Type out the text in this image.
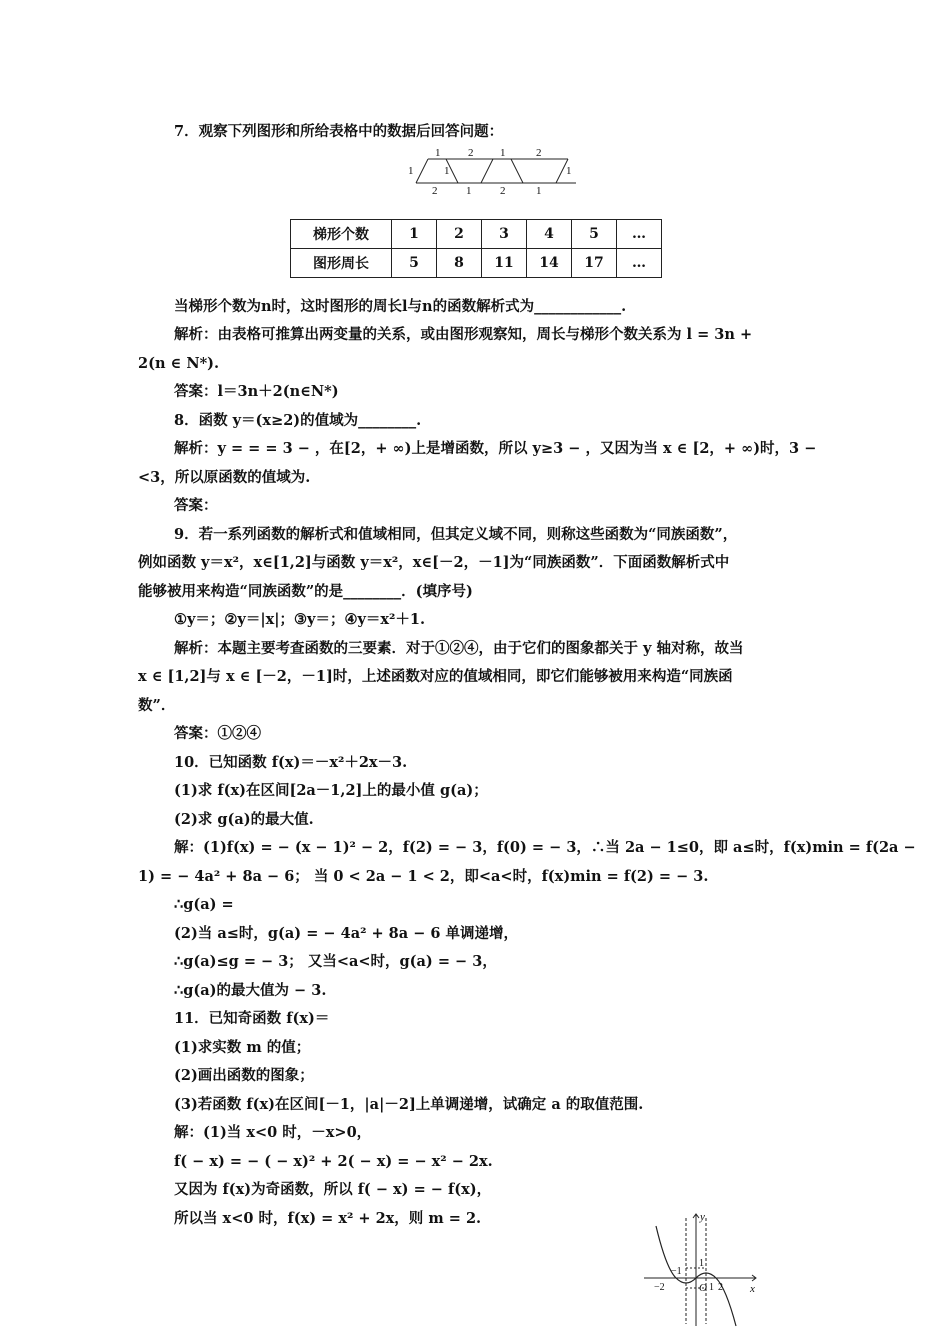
7．观察下列图形和所给表格中的数据后回答问题：
1	2 1	2
2	1	2	1
1	1	1
梯形个数	1	2	3	4	5	…
图形周长	5	8	11	14	17	…
当梯形个数为n时，这时图形的周长l与n的函数解析式为____________.
解析：由表格可推算出两变量的关系，或由图形观察知，周长与梯形个数关系为 l = 3n +
2(n ∈ N*).
答案：l＝3n＋2(n∈N*)
8．函数 y＝(x≥2)的值域为________.
解析：y = = = 3 − ，在[2，+ ∞)上是增函数，所以 y≥3 − ，又因为当 x ∈ [2，+ ∞)时，3 −
<3，所以原函数的值域为.
答案：
9．若一系列函数的解析式和值域相同，但其定义域不同，则称这些函数为“同族函数”，
例如函数 y＝x²，x∈[1,2]与函数 y＝x²，x∈[－2，－1]为“同族函数”．下面函数解析式中
能够被用来构造“同族函数”的是________．(填序号)
①y＝；②y＝|x|；③y＝；④y＝x²＋1.
解析：本题主要考查函数的三要素．对于①②④，由于它们的图象都关于 y 轴对称，故当
x ∈ [1,2]与 x ∈ [－2，－1]时，上述函数对应的值域相同，即它们能够被用来构造“同族函
数”．
答案：①②④
10．已知函数 f(x)＝－x²＋2x－3.
(1)求 f(x)在区间[2a－1,2]上的最小值 g(a)；
(2)求 g(a)的最大值.
解：(1)f(x) = − (x − 1)² − 2，f(2) = − 3，f(0) = − 3，∴当 2a − 1≤0，即 a≤时，f(x)min = f(2a −
1) = − 4a² + 8a − 6； 当 0 < 2a − 1 < 2，即<a<时，f(x)min = f(2) = − 3.
∴g(a) =
(2)当 a≤时，g(a) = − 4a² + 8a − 6 单调递增，
∴g(a)≤g = − 3； 又当<a<时，g(a) = − 3，
∴g(a)的最大值为 − 3.
11．已知奇函数 f(x)＝
(1)求实数 m 的值；
(2)画出函数的图象；
(3)若函数 f(x)在区间[－1，|a|－2]上单调递增，试确定 a 的取值范围.
解：(1)当 x<0 时，－x>0，
f( − x) = − ( − x)² + 2( − x) = − x² − 2x.
又因为 f(x)为奇函数，所以 f( − x) = − f(x)，
所以当 x<0 时，f(x) = x² + 2x，则 m = 2.	y
x
O
−2
−1
1 2
1
